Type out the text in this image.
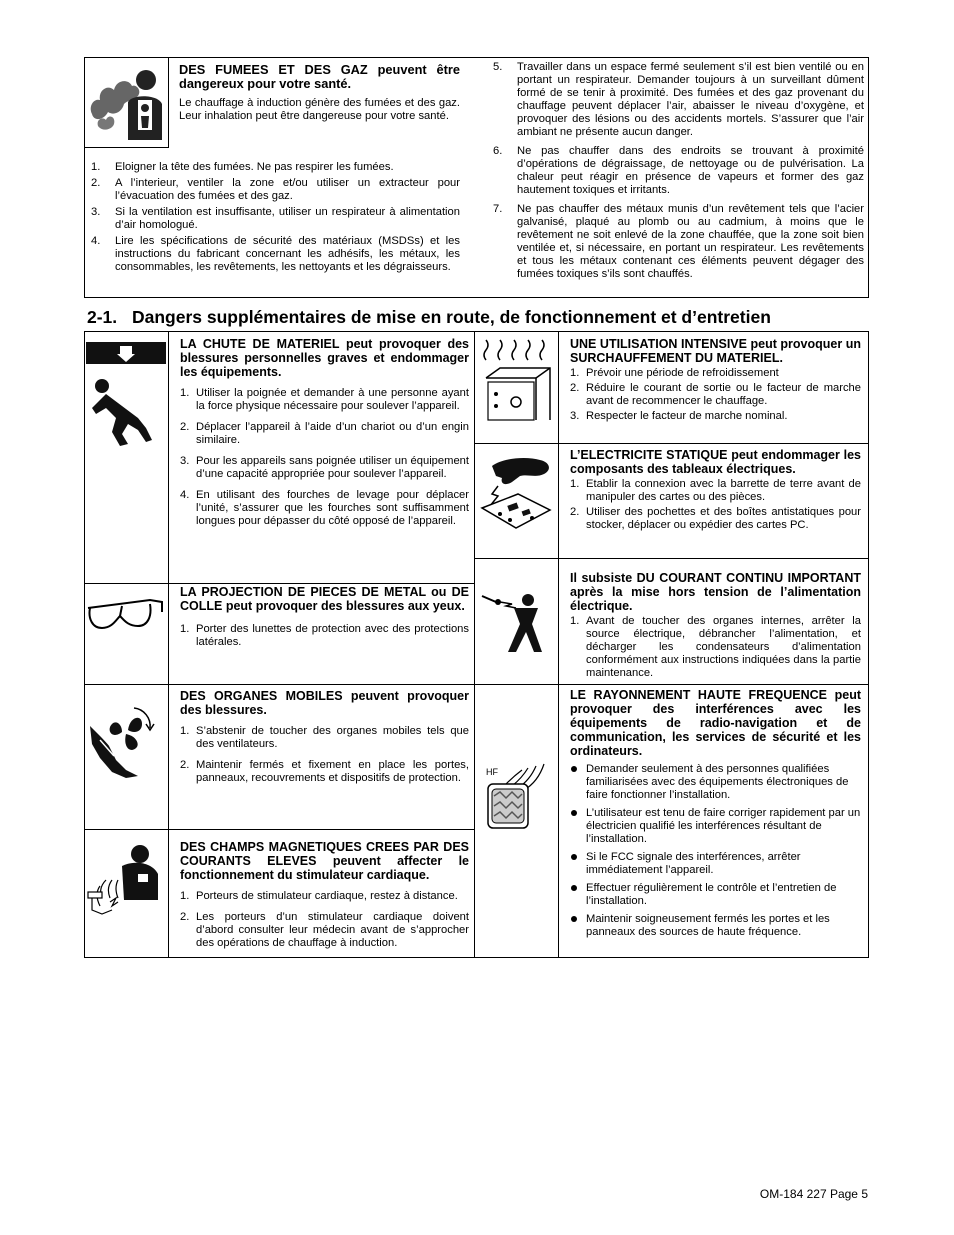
DES FUMEES ET DES GAZ peuvent être dangereux pour votre santé.

Le chauffage à induction génère des fumées et des gaz. Leur inhalation peut être dangereuse pour votre santé.

1. Eloigner la tête des fumées. Ne pas respirer les fumées.
2. A l’interieur, ventiler la zone et/ou utiliser un extracteur pour l’évacuation des fumées et des gaz.
3. Si la ventilation est insuffisante, utiliser un respirateur à alimentation d’air homologué.
4. Lire les spécifications de sécurité des matériaux (MSDSs) et les instructions du fabricant concernant les adhésifs, les métaux, les consommables, les revêtements, les nettoyants et les dégraisseurs.
5. Travailler dans un espace fermé seulement s’il est bien ventilé ou en portant un respirateur. Demander toujours à un surveillant dûment formé de se tenir à proximité. Des fumées et des gaz provenant du chauffage peuvent déplacer l’air, abaisser le niveau d’oxygène, et provoquer des lésions ou des accidents mortels. S’assurer que l’air ambiant ne présente aucun danger.
6. Ne pas chauffer dans des endroits se trouvant à proximité d’opérations de dégraissage, de nettoyage ou de pulvérisation. La chaleur peut réagir en présence de vapeurs et former des gaz hautement toxiques et irritants.
7. Ne pas chauffer des métaux munis d’un revêtement tels que l’acier galvanisé, plaqué au plomb ou au cadmium, à moins que le revêtement ne soit enlevé de la zone chauffée, que la zone soit bien ventilée et, si nécessaire, en portant un respirateur. Les revêtements et tous les métaux contenant ces éléments peuvent dégager des fumées toxiques s’ils sont chauffés.
2-1. Dangers supplémentaires de mise en route, de fonctionnement et d’entretien

LA CHUTE DE MATERIEL peut provoquer des blessures personnelles graves et endommager les équipements.

1. Utiliser la poignée et demander à une personne ayant la force physique nécessaire pour soulever l’appareil.
2. Déplacer l’appareil à l’aide d’un chariot ou d’un engin similaire.
3. Pour les appareils sans poignée utiliser un équipement d’une capacité appropriée pour soulever l’appareil.
4. En utilisant des fourches de levage pour déplacer l’unité, s’assurer que les fourches sont suffisamment longues pour dépasser du côté opposé de l’appareil.

UNE UTILISATION INTENSIVE peut provoquer un SURCHAUFFEMENT DU MATERIEL.

1. Prévoir une période de refroidissement
2. Réduire le courant de sortie ou le facteur de marche avant de recommencer le chauffage.
3. Respecter le facteur de marche nominal.

L’ELECTRICITE STATIQUE peut endommager les composants des tableaux électriques.

1. Etablir la connexion avec la barrette de terre avant de manipuler des cartes ou des pièces.
2. Utiliser des pochettes et des boîtes antistatiques pour stocker, déplacer ou expédier des cartes PC.

LA PROJECTION DE PIECES DE METAL ou DE COLLE peut provoquer des blessures aux yeux.

1. Porter des lunettes de protection avec des protections latérales.

Il subsiste DU COURANT CONTINU IMPORTANT après la mise hors tension de l’alimentation électrique.

1. Avant de toucher des organes internes, arrêter la source électrique, débrancher l’alimentation, et décharger les condensateurs d’alimentation conformément aux instructions indiquées dans la partie maintenance.

DES ORGANES MOBILES peuvent provoquer des blessures.

1. S’abstenir de toucher des organes mobiles tels que des ventilateurs.
2. Maintenir fermés et fixement en place les portes, panneaux, recouvrements et dispositifs de protection.	HF

LE RAYONNEMENT HAUTE FREQUENCE peut provoquer des interférences avec les équipements de radio-navigation et de communication, les services de sécurité et les ordinateurs.

Demander seulement à des personnes qualifiées familiarisées avec des équipements électroniques de faire fonctionner l’installation.
L’utilisateur est tenu de faire corriger rapidement par un électricien qualifié les interférences résultant de l’installation.
Si le FCC signale des interférences, arrêter immédiatement l’appareil.
Effectuer régulièrement le contrôle et l’entretien de l’installation.
Maintenir soigneusement fermés les portes et les panneaux des sources de haute fréquence.

DES CHAMPS MAGNETIQUES CREES PAR DES COURANTS ELEVES peuvent affecter le fonctionnement du stimulateur cardiaque.

1. Porteurs de stimulateur cardiaque, restez à distance.
2. Les porteurs d’un stimulateur cardiaque doivent d’abord consulter leur médecin avant de s’approcher des opérations de chauffage à induction.
OM-184 227 Page 5
